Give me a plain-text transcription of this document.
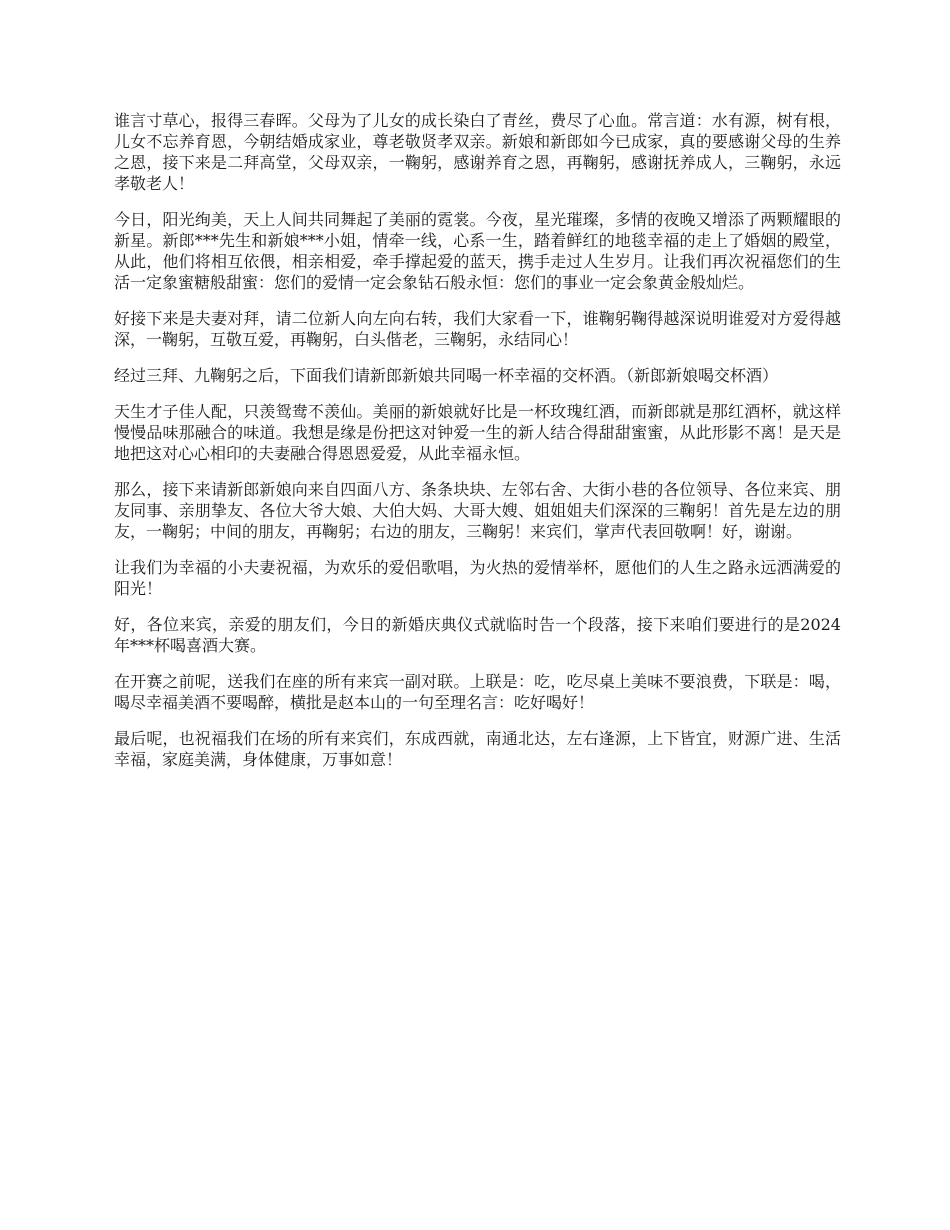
谁言寸草心，报得三春晖。父母为了儿女的成长染白了青丝，费尽了心血。常言道：水有源，树有根，儿女不忘养育恩，今朝结婚成家业，尊老敬贤孝双亲。新娘和新郎如今已成家，真的要感谢父母的生养之恩，接下来是二拜高堂，父母双亲，一鞠躬，感谢养育之恩，再鞠躬，感谢抚养成人，三鞠躬，永远孝敬老人！

今日，阳光绚美，天上人间共同舞起了美丽的霓裳。今夜，星光璀璨，多情的夜晚又增添了两颗耀眼的新星。新郎***先生和新娘***小姐，情牵一线，心系一生，踏着鲜红的地毯幸福的走上了婚姻的殿堂，从此，他们将相互依偎，相亲相爱，牵手撑起爱的蓝天，携手走过人生岁月。让我们再次祝福您们的生活一定象蜜糖般甜蜜：您们的爱情一定会象钻石般永恒：您们的事业一定会象黄金般灿烂。

好接下来是夫妻对拜，请二位新人向左向右转，我们大家看一下，谁鞠躬鞠得越深说明谁爱对方爱得越深，一鞠躬，互敬互爱，再鞠躬，白头偕老，三鞠躬，永结同心！

经过三拜、九鞠躬之后，下面我们请新郎新娘共同喝一杯幸福的交杯酒。（新郎新娘喝交杯酒）

天生才子佳人配，只羡鸳鸯不羡仙。美丽的新娘就好比是一杯玫瑰红酒，而新郎就是那红酒杯，就这样慢慢品味那融合的味道。我想是缘是份把这对钟爱一生的新人结合得甜甜蜜蜜，从此形影不离！是天是地把这对心心相印的夫妻融合得恩恩爱爱，从此幸福永恒。

那么，接下来请新郎新娘向来自四面八方、条条块块、左邻右舍、大街小巷的各位领导、各位来宾、朋友同事、亲朋挚友、各位大爷大娘、大伯大妈、大哥大嫂、姐姐姐夫们深深的三鞠躬！首先是左边的朋友，一鞠躬；中间的朋友，再鞠躬；右边的朋友，三鞠躬！来宾们，掌声代表回敬啊！好，谢谢。

让我们为幸福的小夫妻祝福，为欢乐的爱侣歌唱，为火热的爱情举杯，愿他们的人生之路永远洒满爱的阳光！

好，各位来宾，亲爱的朋友们，今日的新婚庆典仪式就临时告一个段落，接下来咱们要进行的是2024年***杯喝喜酒大赛。

在开赛之前呢，送我们在座的所有来宾一副对联。上联是：吃，吃尽桌上美味不要浪费，下联是：喝，喝尽幸福美酒不要喝醉，横批是赵本山的一句至理名言：吃好喝好！

最后呢，也祝福我们在场的所有来宾们，东成西就，南通北达，左右逢源，上下皆宜，财源广进、生活幸福，家庭美满，身体健康，万事如意！
